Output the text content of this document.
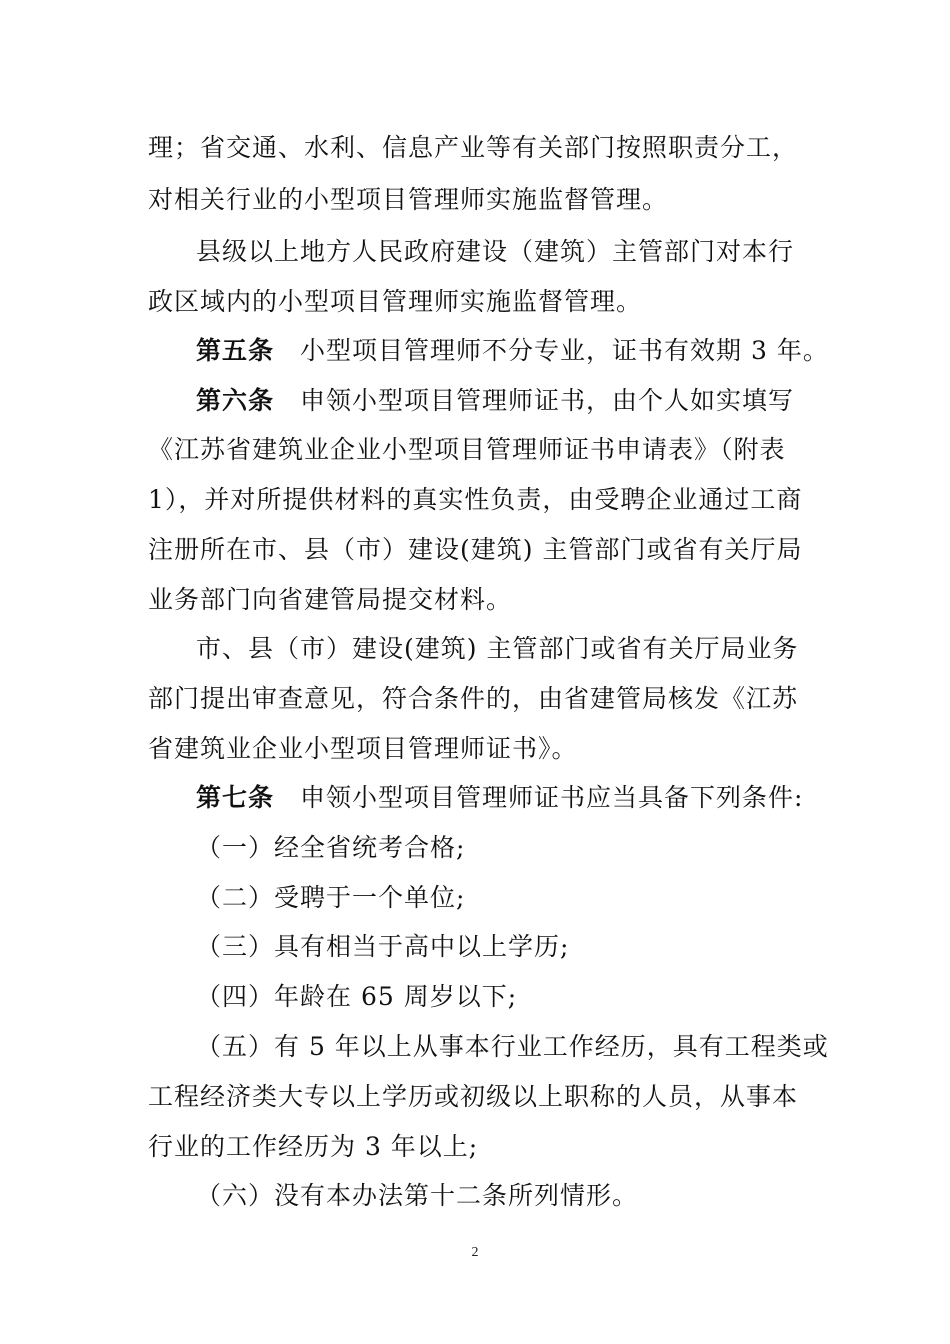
理；省交通、水利、信息产业等有关部门按照职责分工，
对相关行业的小型项目管理师实施监督管理。
县级以上地方人民政府建设（建筑）主管部门对本行
政区域内的小型项目管理师实施监督管理。
第五条 小型项目管理师不分专业，证书有效期 3 年。
第六条 申领小型项目管理师证书，由个人如实填写
《江苏省建筑业企业小型项目管理师证书申请表》（附表
1），并对所提供材料的真实性负责，由受聘企业通过工商
注册所在市、县（市）建设(建筑) 主管部门或省有关厅局
业务部门向省建管局提交材料。
市、县（市）建设(建筑) 主管部门或省有关厅局业务
部门提出审查意见，符合条件的，由省建管局核发《江苏
省建筑业企业小型项目管理师证书》。
第七条 申领小型项目管理师证书应当具备下列条件:
（一）经全省统考合格;
（二）受聘于一个单位;
（三）具有相当于高中以上学历;
（四）年龄在 65 周岁以下;
（五）有 5 年以上从事本行业工作经历，具有工程类或
工程经济类大专以上学历或初级以上职称的人员，从事本
行业的工作经历为 3 年以上;
（六）没有本办法第十二条所列情形。
2
